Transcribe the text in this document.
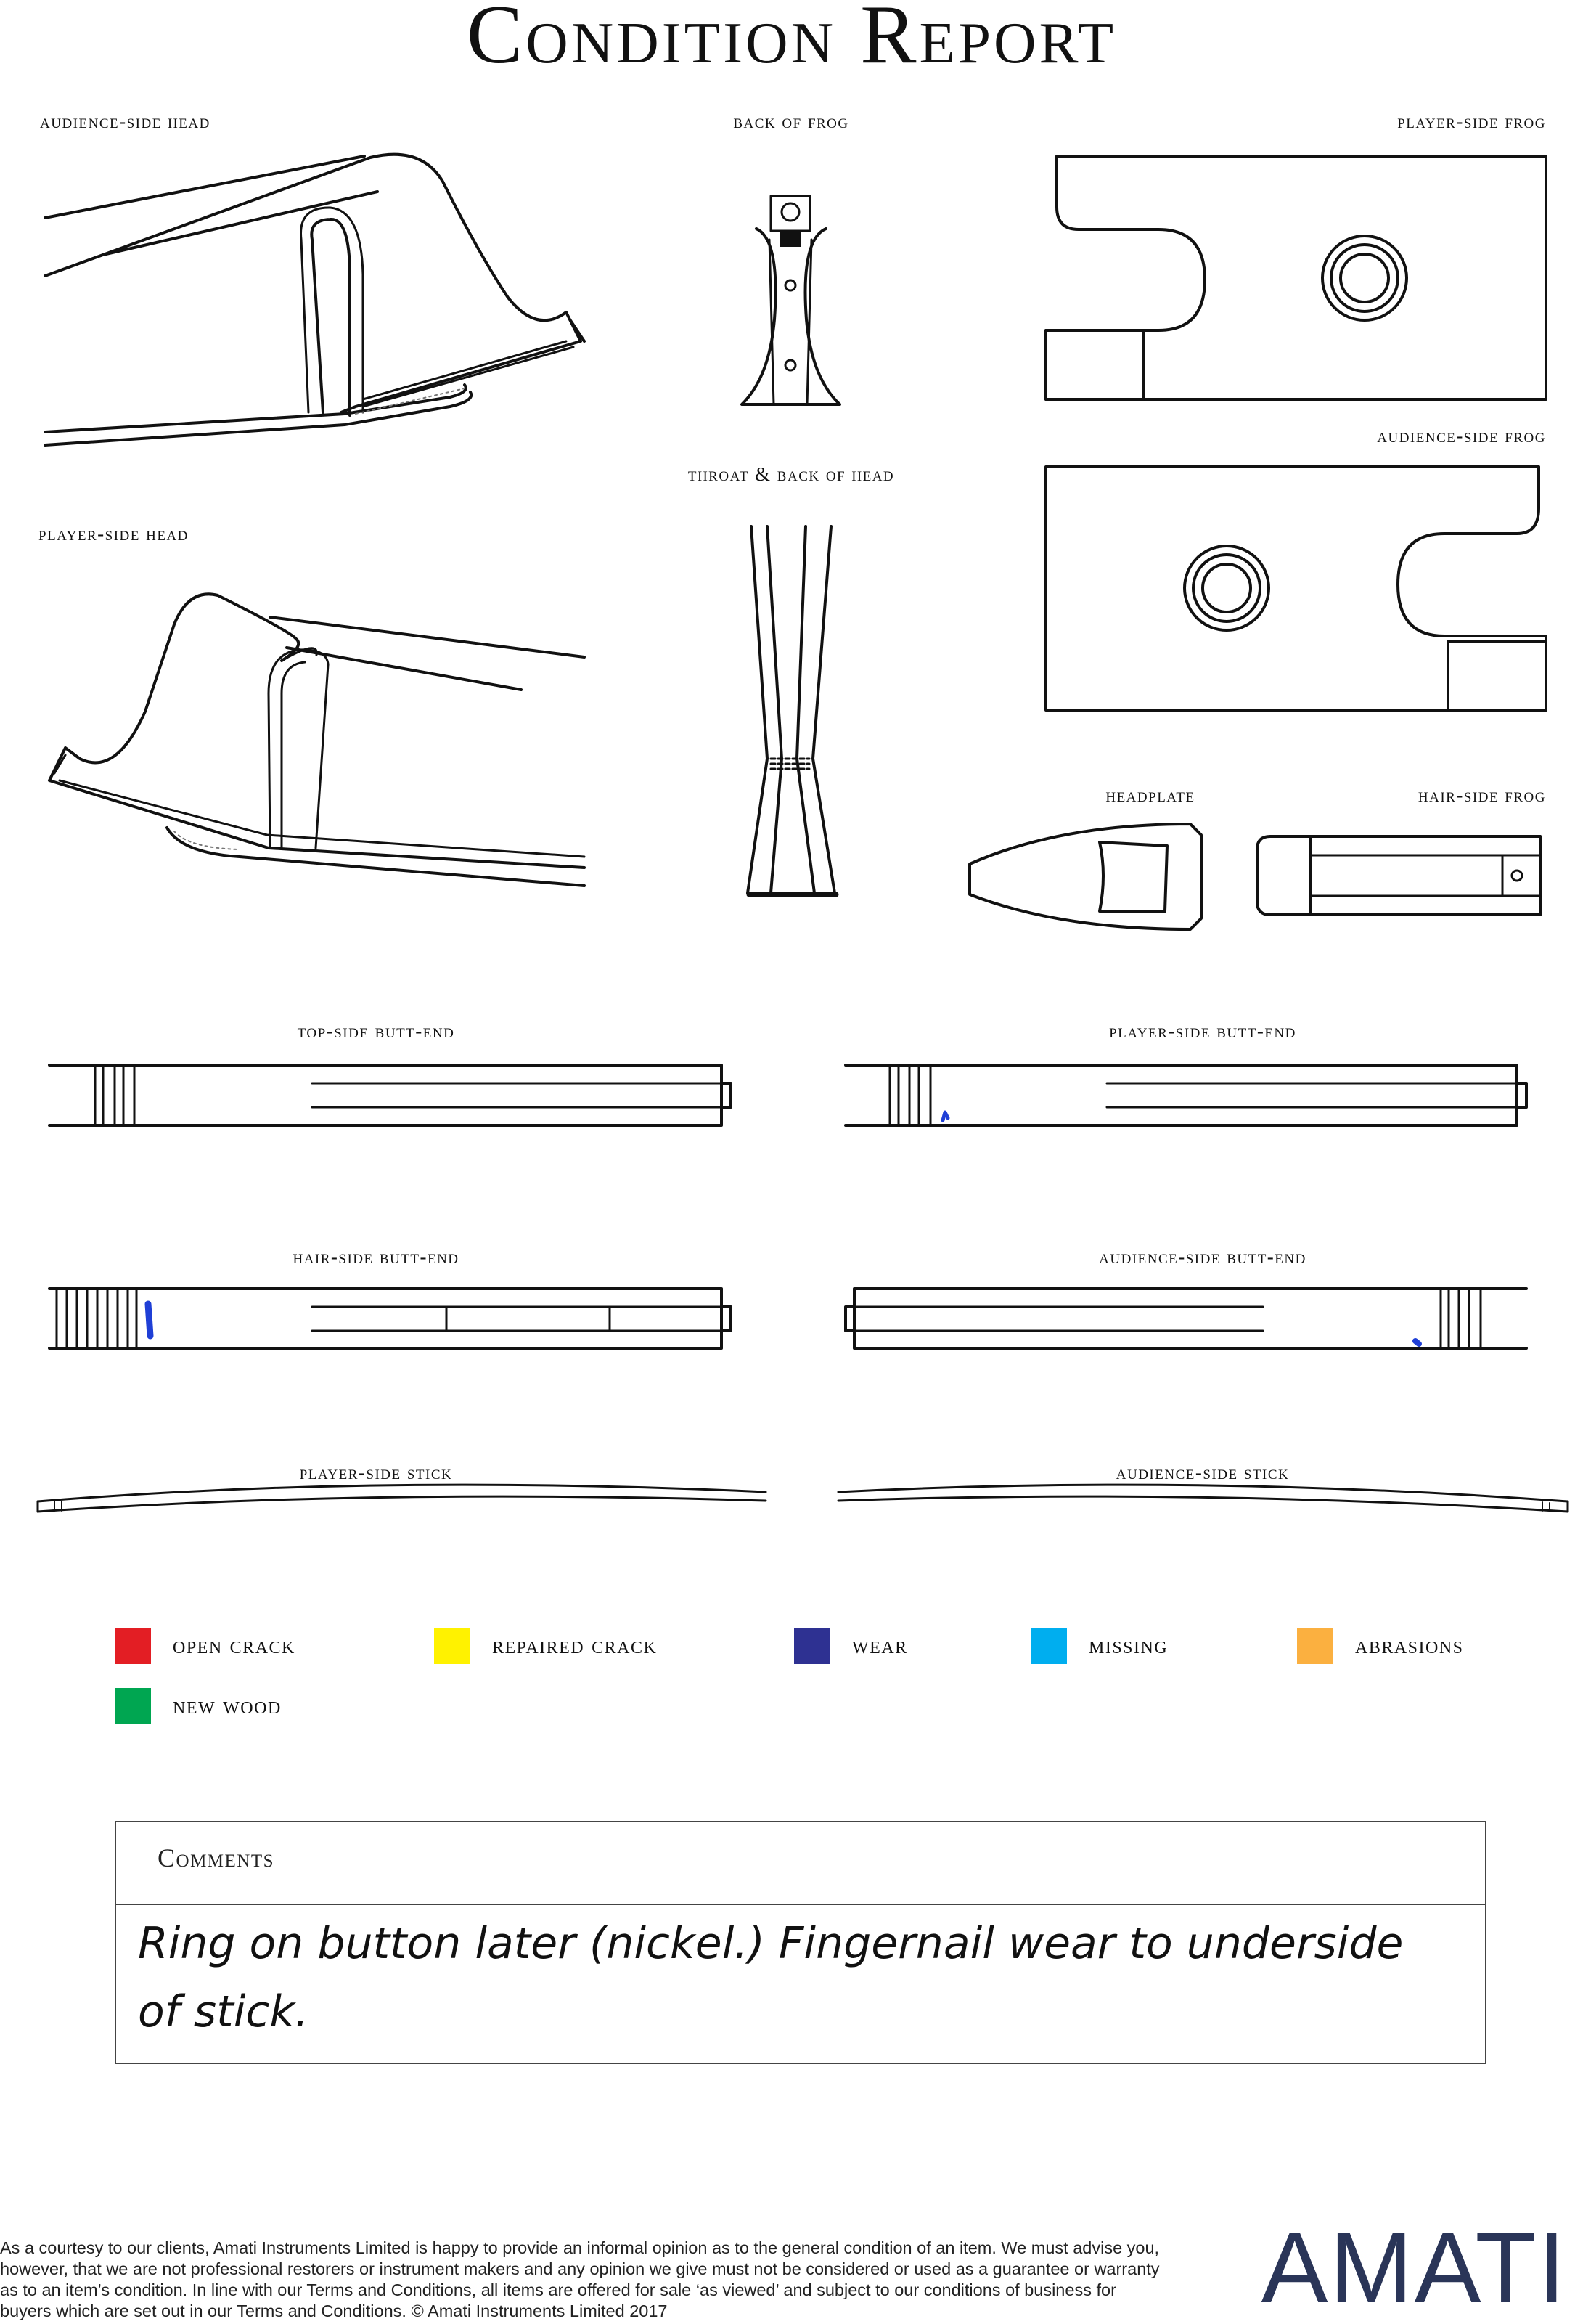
Condition Report
audience-side head	back of frog	player-side frog
audience-side frog
throat & back of head
player-side head
headplate	hair-side frog
top-side butt-end	player-side butt-end
hair-side butt-end	audience-side butt-end
player-side stick	audience-side stick
open crack	repaired crack	wear	missing	abrasions
new wood
Comments
Ring on button later (nickel.) Fingernail wear to underside of stick.
As a courtesy to our clients, Amati Instruments Limited is happy to provide an informal opinion as to the general condition of an item. We must advise you, however, that we are not professional restorers or instrument makers and any opinion we give must not be considered or used as a guarantee or warranty as to an item’s condition. In line with our Terms and Conditions, all items are offered for sale ‘as viewed’ and subject to our conditions of business for buyers which are set out in our Terms and Conditions. © Amati Instruments Limited 2017	AMATI
